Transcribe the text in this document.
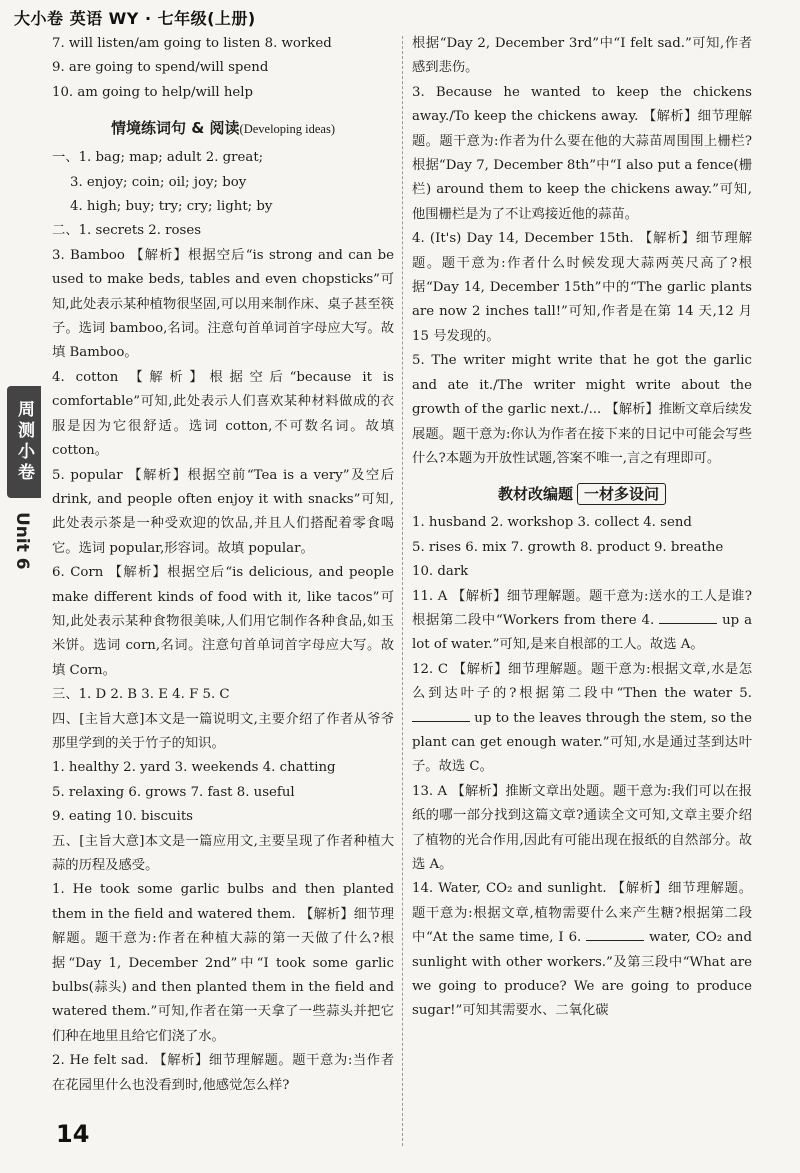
大小卷 英语 WY · 七年级(上册)
周测小卷
Unit 6

7. will listen/am going to listen 8. worked

9. are going to spend/will spend

10. am going to help/will help

情境练词句 & 阅读(Developing ideas)

一、1. bag; map; adult 2. great;

3. enjoy; coin; oil; joy; boy

4. high; buy; try; cry; light; by

二、1. secrets 2. roses

3. Bamboo 【解析】根据空后“is strong and can be used to make beds, tables and even chopsticks”可知,此处表示某种植物很坚固,可以用来制作床、桌子甚至筷子。选词 bamboo,名词。注意句首单词首字母应大写。故填 Bamboo。

4. cotton 【解析】根据空后“because it is comfortable”可知,此处表示人们喜欢某种材料做成的衣服是因为它很舒适。选词 cotton,不可数名词。故填 cotton。

5. popular 【解析】根据空前“Tea is a very”及空后 drink, and people often enjoy it with snacks”可知,此处表示茶是一种受欢迎的饮品,并且人们搭配着零食喝它。选词 popular,形容词。故填 popular。

6. Corn 【解析】根据空后“is delicious, and people make different kinds of food with it, like tacos”可知,此处表示某种食物很美味,人们用它制作各种食品,如玉米饼。选词 corn,名词。注意句首单词首字母应大写。故填 Corn。

三、1. D 2. B 3. E 4. F 5. C

四、[主旨大意]本文是一篇说明文,主要介绍了作者从爷爷那里学到的关于竹子的知识。

1. healthy 2. yard 3. weekends 4. chatting

5. relaxing 6. grows 7. fast 8. useful

9. eating 10. biscuits

五、[主旨大意]本文是一篇应用文,主要呈现了作者种植大蒜的历程及感受。

1. He took some garlic bulbs and then planted them in the field and watered them. 【解析】细节理解题。题干意为:作者在种植大蒜的第一天做了什么?根据“Day 1, December 2nd”中“I took some garlic bulbs(蒜头) and then planted them in the field and watered them.”可知,作者在第一天拿了一些蒜头并把它们种在地里且给它们浇了水。

2. He felt sad. 【解析】细节理解题。题干意为:当作者在花园里什么也没看到时,他感觉怎么样?

根据“Day 2, December 3rd”中“I felt sad.”可知,作者感到悲伤。

3. Because he wanted to keep the chickens away./To keep the chickens away. 【解析】细节理解题。题干意为:作者为什么要在他的大蒜苗周围围上栅栏?根据“Day 7, December 8th”中“I also put a fence(栅栏) around them to keep the chickens away.”可知,他围栅栏是为了不让鸡接近他的蒜苗。

4. (It's) Day 14, December 15th. 【解析】细节理解题。题干意为:作者什么时候发现大蒜两英尺高了?根据“Day 14, December 15th”中的“The garlic plants are now 2 inches tall!”可知,作者是在第 14 天,12 月 15 号发现的。

5. The writer might write that he got the garlic and ate it./The writer might write about the growth of the garlic next./... 【解析】推断文章后续发展题。题干意为:你认为作者在接下来的日记中可能会写些什么?本题为开放性试题,答案不唯一,言之有理即可。

教材改编题 一材多设问

1. husband 2. workshop 3. collect 4. send

5. rises 6. mix 7. growth 8. product 9. breathe

10. dark

11. A 【解析】细节理解题。题干意为:送水的工人是谁?根据第二段中“Workers from there 4.	up a lot of water.”可知,是来自根部的工人。故选 A。

12. C 【解析】细节理解题。题干意为:根据文章,水是怎么到达叶子的?根据第二段中“Then the water 5.  up to the leaves through the stem, so the plant can get enough water.”可知,水是通过茎到达叶子。故选 C。

13. A 【解析】推断文章出处题。题干意为:我们可以在报纸的哪一部分找到这篇文章?通读全文可知,文章主要介绍了植物的光合作用,因此有可能出现在报纸的自然部分。故选 A。

14. Water, CO₂ and sunlight. 【解析】细节理解题。题干意为:根据文章,植物需要什么来产生糖?根据第二段中“At the same time, I 6.	water, CO₂ and sunlight with other workers.”及第三段中“What are we going to produce? We are going to produce sugar!”可知其需要水、二氧化碳

14
